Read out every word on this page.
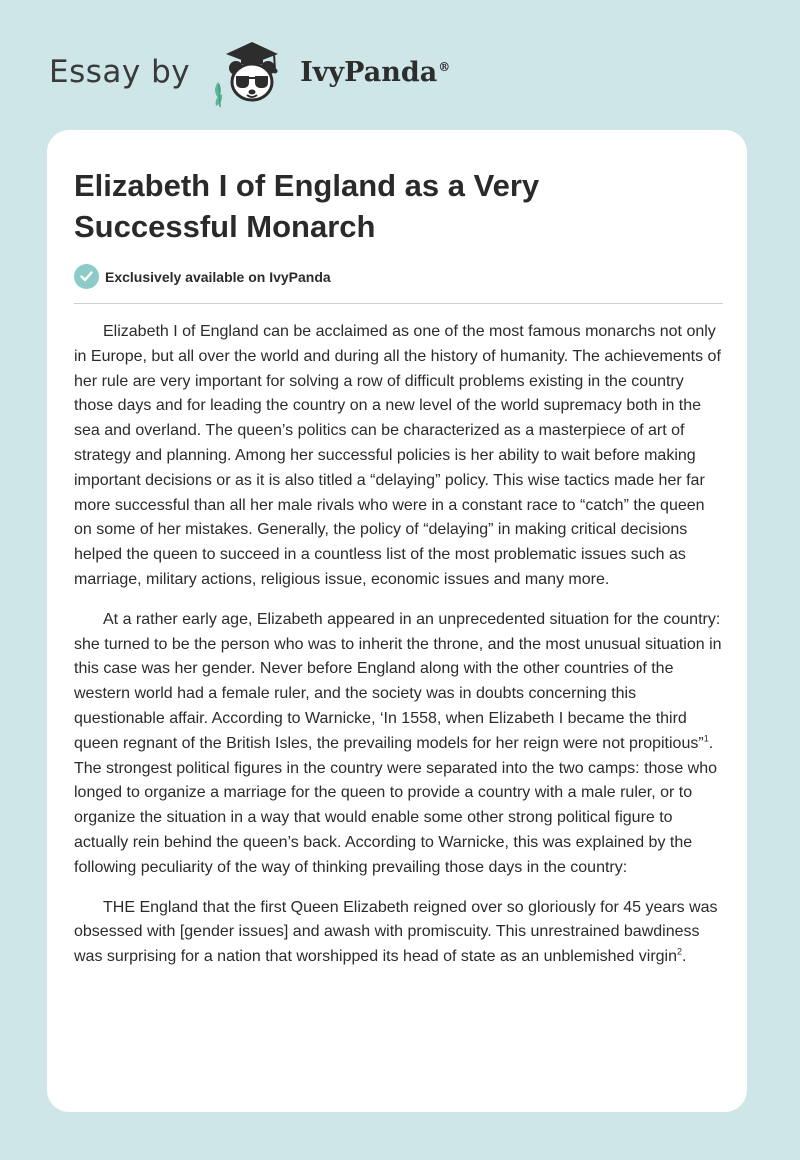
Essay by	IvyPanda®
Elizabeth I of England as a Very Successful Monarch
Exclusively available on IvyPanda

Elizabeth I of England can be acclaimed as one of the most famous monarchs not only in Europe, but all over the world and during all the history of humanity. The achievements of her rule are very important for solving a row of difficult problems existing in the country those days and for leading the country on a new level of the world supremacy both in the sea and overland. The queen’s politics can be characterized as a masterpiece of art of strategy and planning. Among her successful policies is her ability to wait before making important decisions or as it is also titled a “delaying” policy. This wise tactics made her far more successful than all her male rivals who were in a constant race to “catch” the queen on some of her mistakes. Generally, the policy of “delaying” in making critical decisions helped the queen to succeed in a countless list of the most problematic issues such as marriage, military actions, religious issue, economic issues and many more.

At a rather early age, Elizabeth appeared in an unprecedented situation for the country: she turned to be the person who was to inherit the throne, and the most unusual situation in this case was her gender. Never before England along with the other countries of the western world had a female ruler, and the society was in doubts concerning this questionable affair. According to Warnicke, ‘In 1558, when Elizabeth I became the third queen regnant of the British Isles, the prevailing models for her reign were not propitious”$^1$. The strongest political figures in the country were separated into the two camps: those who longed to organize a marriage for the queen to provide a country with a male ruler, or to organize the situation in a way that would enable some other strong political figure to actually rein behind the queen’s back. According to Warnicke, this was explained by the following peculiarity of the way of thinking prevailing those days in the country:

THE England that the first Queen Elizabeth reigned over so gloriously for 45 years was obsessed with [gender issues] and awash with promiscuity. This unrestrained bawdiness was surprising for a nation that worshipped its head of state as an unblemished virgin$^2$.
